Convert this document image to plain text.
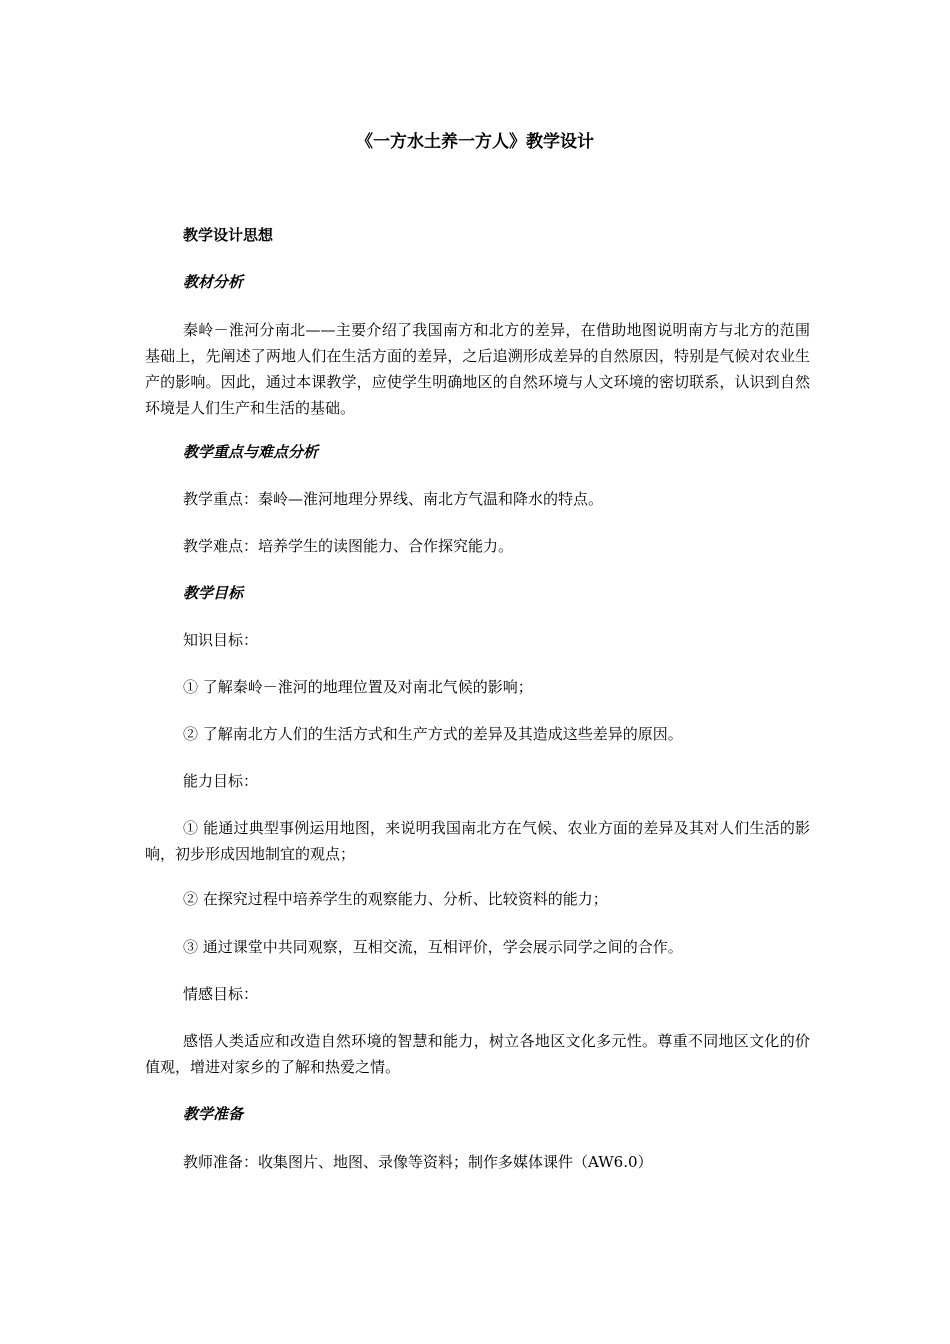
《一方水土养一方人》教学设计
教学设计思想
教材分析
秦岭－淮河分南北——主要介绍了我国南方和北方的差异，在借助地图说明南方与北方的范围基础上，先阐述了两地人们在生活方面的差异，之后追溯形成差异的自然原因，特别是气候对农业生产的影响。因此，通过本课教学，应使学生明确地区的自然环境与人文环境的密切联系，认识到自然环境是人们生产和生活的基础。
教学重点与难点分析
教学重点：秦岭—淮河地理分界线、南北方气温和降水的特点。
教学难点：培养学生的读图能力、合作探究能力。
教学目标
知识目标：
① 了解秦岭－淮河的地理位置及对南北气候的影响；
② 了解南北方人们的生活方式和生产方式的差异及其造成这些差异的原因。
能力目标：
① 能通过典型事例运用地图，来说明我国南北方在气候、农业方面的差异及其对人们生活的影响，初步形成因地制宜的观点；
② 在探究过程中培养学生的观察能力、分析、比较资料的能力；
③ 通过课堂中共同观察，互相交流，互相评价，学会展示同学之间的合作。
情感目标：
感悟人类适应和改造自然环境的智慧和能力，树立各地区文化多元性。尊重不同地区文化的价值观，增进对家乡的了解和热爱之情。
教学准备
教师准备：收集图片、地图、录像等资料；制作多媒体课件（AW6.0）
